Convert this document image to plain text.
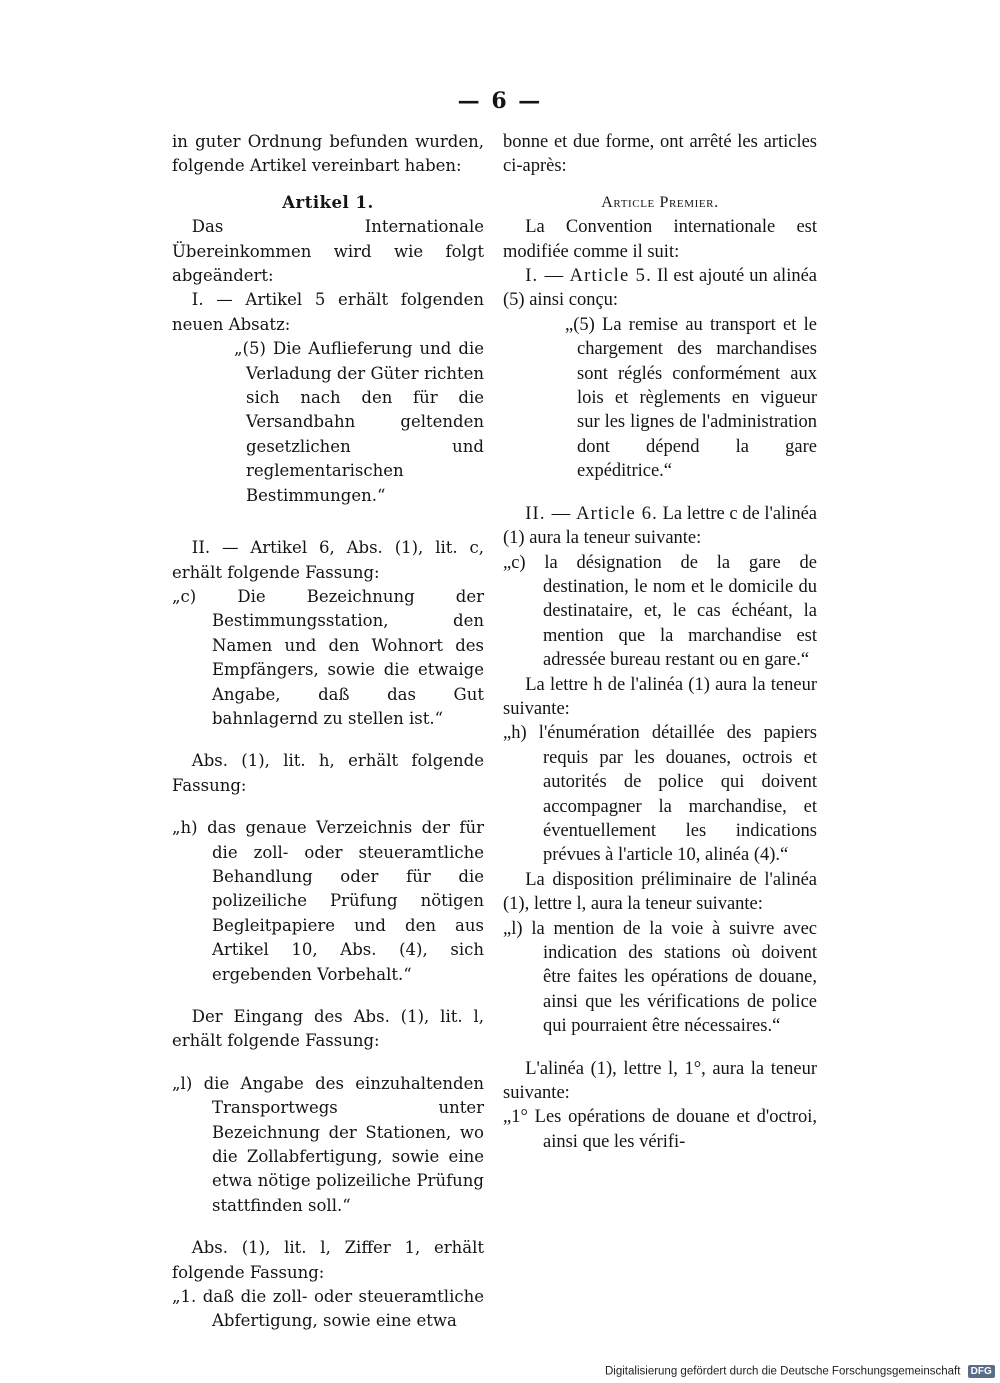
— 6 —

in guter Ordnung befunden wurden, folgende Artikel vereinbart haben:

Artikel 1.

Das Internationale Übereinkommen wird wie folgt abgeändert:

I. — Artikel 5 erhält folgenden neuen Absatz:

„(5) Die Auflieferung und die Verladung der Güter richten sich nach den für die Versandbahn geltenden gesetzlichen und reglementarischen Bestimmungen.“

II. — Artikel 6, Abs. (1), lit. c, erhält folgende Fassung:

„c) Die Bezeichnung der Bestimmungsstation, den Namen und den Wohnort des Empfängers, sowie die etwaige Angabe, daß das Gut bahnlagernd zu stellen ist.“

Abs. (1), lit. h, erhält folgende Fassung:

„h) das genaue Verzeichnis der für die zoll- oder steueramtliche Behandlung oder für die polizeiliche Prüfung nötigen Begleitpapiere und den aus Artikel 10, Abs. (4), sich ergebenden Vorbehalt.“

Der Eingang des Abs. (1), lit. l, erhält folgende Fassung:

„l) die Angabe des einzuhaltenden Transportwegs unter Bezeichnung der Stationen, wo die Zollabfertigung, sowie eine etwa nötige polizeiliche Prüfung stattfinden soll.“

Abs. (1), lit. l, Ziffer 1, erhält folgende Fassung:

„1. daß die zoll- oder steueramtliche Abfertigung, sowie eine etwa

bonne et due forme, ont arrêté les articles ci-après:

Article Premier.

La Convention internationale est modifiée comme il suit:

I. — Article 5. Il est ajouté un alinéa (5) ainsi conçu:

„(5) La remise au transport et le chargement des marchandises sont réglés conformément aux lois et règlements en vigueur sur les lignes de l'administration dont dépend la gare expéditrice.“

II. — Article 6. La lettre c de l'alinéa (1) aura la teneur suivante:

„c) la désignation de la gare de destination, le nom et le domicile du destinataire, et, le cas échéant, la mention que la marchandise est adressée bureau restant ou en gare.“

La lettre h de l'alinéa (1) aura la teneur suivante:

„h) l'énumération détaillée des papiers requis par les douanes, octrois et autorités de police qui doivent accompagner la marchandise, et éventuellement les indications prévues à l'article 10, alinéa (4).“

La disposition préliminaire de l'alinéa (1), lettre l, aura la teneur suivante:

„l) la mention de la voie à suivre avec indication des stations où doivent être faites les opérations de douane, ainsi que les vérifications de police qui pourraient être nécessaires.“

L'alinéa (1), lettre l, 1°, aura la teneur suivante:

„1° Les opérations de douane et d'octroi, ainsi que les vérifi-

Digitalisierung gefördert durch die Deutsche Forschungsgemeinschaft DFG
